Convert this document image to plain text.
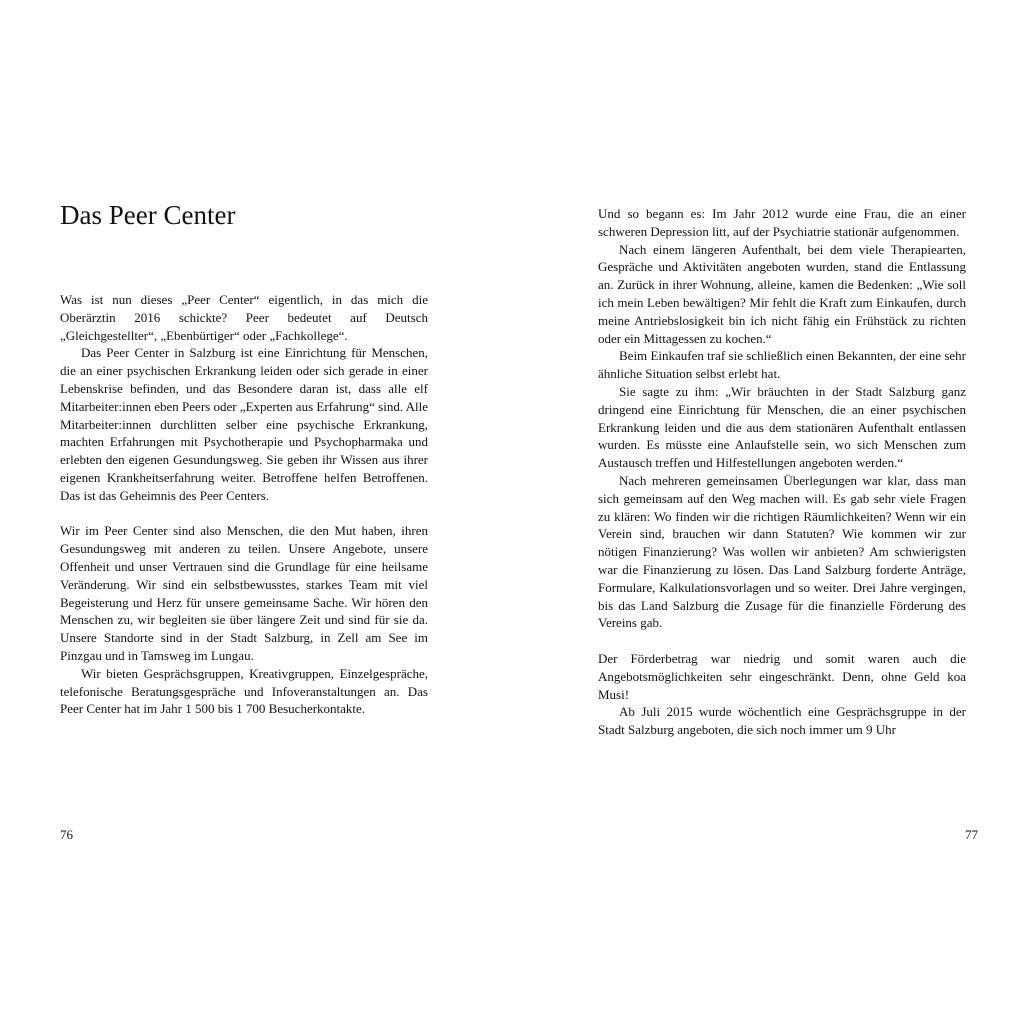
Das Peer Center

Was ist nun dieses „Peer Center“ eigentlich, in das mich die Oberärztin 2016 schickte? Peer bedeutet auf Deutsch „Gleichgestellter“, „Ebenbürtiger“ oder „Fachkollege“.

Das Peer Center in Salzburg ist eine Einrichtung für Menschen, die an einer psychischen Erkrankung leiden oder sich gerade in einer Lebenskrise befinden, und das Besondere daran ist, dass alle elf Mitarbeiter:innen eben Peers oder „Experten aus Erfahrung“ sind. Alle Mitarbeiter:innen durchlitten selber eine psychische Erkrankung, machten Erfahrungen mit Psychotherapie und Psychopharmaka und erlebten den eigenen Gesundungsweg. Sie geben ihr Wissen aus ihrer eigenen Krankheitserfahrung weiter. Betroffene helfen Betroffenen. Das ist das Geheimnis des Peer Centers.

Wir im Peer Center sind also Menschen, die den Mut haben, ihren Gesundungsweg mit anderen zu teilen. Unsere Angebote, unsere Offenheit und unser Vertrauen sind die Grundlage für eine heilsame Veränderung. Wir sind ein selbstbewusstes, starkes Team mit viel Begeisterung und Herz für unsere gemeinsame Sache. Wir hören den Menschen zu, wir begleiten sie über längere Zeit und sind für sie da. Unsere Standorte sind in der Stadt Salzburg, in Zell am See im Pinzgau und in Tamsweg im Lungau.

Wir bieten Gesprächsgruppen, Kreativgruppen, Einzelgespräche, telefonische Beratungsgespräche und Infoveranstaltungen an. Das Peer Center hat im Jahr 1 500 bis 1 700 Besucherkontakte.

76

Und so begann es: Im Jahr 2012 wurde eine Frau, die an einer schweren Depression litt, auf der Psychiatrie stationär aufgenommen.

Nach einem längeren Aufenthalt, bei dem viele Therapiearten, Gespräche und Aktivitäten angeboten wurden, stand die Entlassung an. Zurück in ihrer Wohnung, alleine, kamen die Bedenken: „Wie soll ich mein Leben bewältigen? Mir fehlt die Kraft zum Einkaufen, durch meine Antriebslosigkeit bin ich nicht fähig ein Frühstück zu richten oder ein Mittagessen zu kochen.“

Beim Einkaufen traf sie schließlich einen Bekannten, der eine sehr ähnliche Situation selbst erlebt hat.

Sie sagte zu ihm: „Wir bräuchten in der Stadt Salzburg ganz dringend eine Einrichtung für Menschen, die an einer psychischen Erkrankung leiden und die aus dem stationären Aufenthalt entlassen wurden. Es müsste eine Anlaufstelle sein, wo sich Menschen zum Austausch treffen und Hilfestellungen angeboten werden.“

Nach mehreren gemeinsamen Überlegungen war klar, dass man sich gemeinsam auf den Weg machen will. Es gab sehr viele Fragen zu klären: Wo finden wir die richtigen Räumlichkeiten? Wenn wir ein Verein sind, brauchen wir dann Statuten? Wie kommen wir zur nötigen Finanzierung? Was wollen wir anbieten? Am schwierigsten war die Finanzierung zu lösen. Das Land Salzburg forderte Anträge, Formulare, Kalkulationsvorlagen und so weiter. Drei Jahre vergingen, bis das Land Salzburg die Zusage für die finanzielle Förderung des Vereins gab.

Der Förderbetrag war niedrig und somit waren auch die Angebotsmöglichkeiten sehr eingeschränkt. Denn, ohne Geld koa Musi!

Ab Juli 2015 wurde wöchentlich eine Gesprächsgruppe in der Stadt Salzburg angeboten, die sich noch immer um 9 Uhr

77
